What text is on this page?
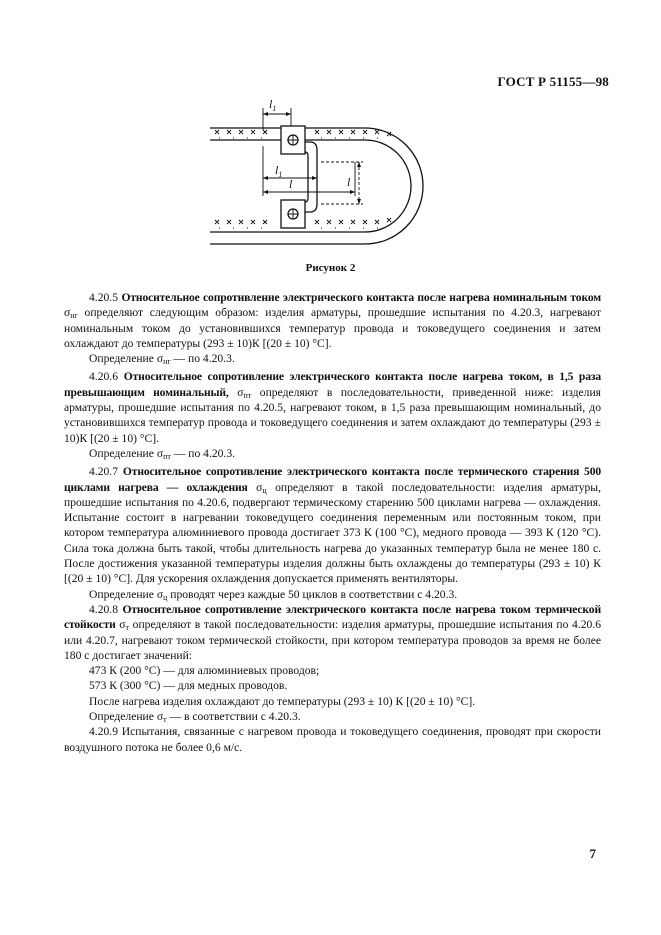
ГОСТ Р 51155—98
$l_1$
$l_1$
l	l
Рисунок 2

4.20.5 Относительное сопротивление электрического контакта после нагрева номинальным током $\sigma_{нг}$ определяют следующим образом: изделия арматуры, прошедшие испытания по 4.20.3, нагревают номинальным током до установившихся температур провода и токоведущего соединения и затем охлаждают до температуры (293 ± 10)К [(20 ± 10) °С].

Определение $\sigma_{нг}$ — по 4.20.3.

4.20.6 Относительное сопротивление электрического контакта после нагрева током, в 1,5 раза превышающим номинальный, $\sigma_{пт}$ определяют в последовательности, приведенной ниже: изделия арматуры, прошедшие испытания по 4.20.5, нагревают током, в 1,5 раза превышающим номинальный, до установившихся температур провода и токоведущего соединения и затем охлаждают до температуры (293 ± 10)К [(20 ± 10) °С].

Определение $\sigma_{пт}$ — по 4.20.3.

4.20.7 Относительное сопротивление электрического контакта после термического старения 500 циклами нагрева — охлаждения $\sigma_ц$ определяют в такой последовательности: изделия арматуры, прошедшие испытания по 4.20.6, подвергают термическому старению 500 циклами нагрева — охлаждения. Испытание состоит в нагревании токоведущего соединения переменным или постоянным током, при котором температура алюминиевого провода достигает 373 К (100 °С), медного провода — 393 К (120 °С). Сила тока должна быть такой, чтобы длительность нагрева до указанных температур была не менее 180 с. После достижения указанной температуры изделия должны быть охлаждены до температуры (293 ± 10) К [(20 ± 10) °С]. Для ускорения охлаждения допускается применять вентиляторы.

Определение $\sigma_ц$ проводят через каждые 50 циклов в соответствии с 4.20.3.

4.20.8 Относительное сопротивление электрического контакта после нагрева током термической стойкости $\sigma_т$ определяют в такой последовательности: изделия арматуры, прошедшие испытания по 4.20.6 или 4.20.7, нагревают током термической стойкости, при котором температура проводов за время не более 180 с достигает значений:

473 К (200 °С) — для алюминиевых проводов;

573 К (300 °С) — для медных проводов.

После нагрева изделия охлаждают до температуры (293 ± 10) К [(20 ± 10) °С].

Определение $\sigma_т$ — в соответствии с 4.20.3.

4.20.9 Испытания, связанные с нагревом провода и токоведущего соединения, проводят при скорости воздушного потока не более 0,6 м/с.

7
